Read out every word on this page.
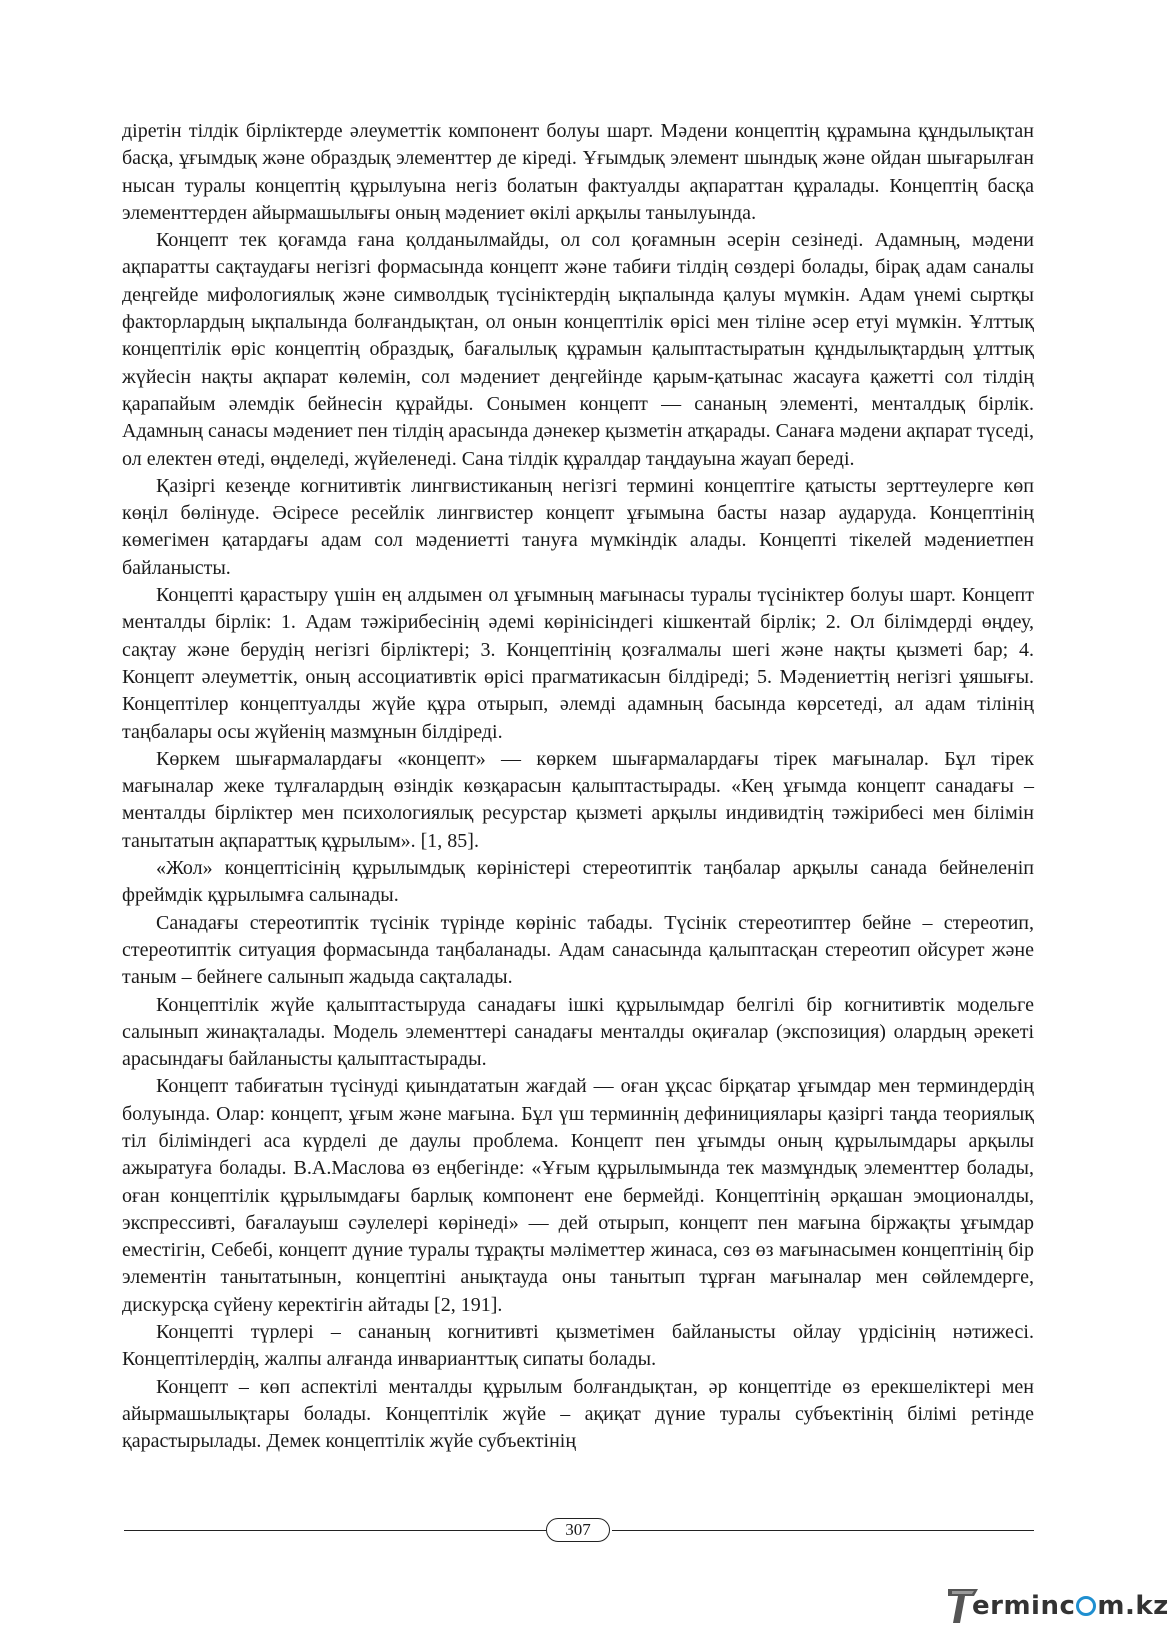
діретін тілдік бірліктерде әлеуметтік компонент болуы шарт. Мәдени концептің құрамына құндылықтан басқа, ұғымдық және образдық элементтер де кіреді. Ұғымдық элемент шындық және ойдан шығарылған нысан туралы концептің құрылуына негіз болатын фактуалды ақпараттан құралады. Концептің басқа элементтерден айырмашылығы оның мәдениет өкілі арқылы танылуында.

Концепт тек қоғамда ғана қолданылмайды, ол сол қоғамнын әсерін сезінеді. Адамның, мәдени ақпаратты сақтаудағы негізгі формасында концепт және табиғи тілдің сөздері болады, бірақ адам саналы деңгейде мифологиялық және символдық түсініктердің ықпалында қалуы мүмкін. Адам үнемі сыртқы факторлардың ықпалында болғандықтан, ол онын концептілік өрісі мен тіліне әсер етуі мүмкін. Ұлттық концептілік өріс концептің образдық, бағалылық құрамын қалыптастыратын құндылықтардың ұлттық жүйесін нақты ақпарат көлемін, сол мәдениет деңгейінде қарым-қатынас жасауға қажетті сол тілдің қарапайым әлемдік бейнесін құрайды. Сонымен концепт — сананың элементі, менталдық бірлік. Адамның санасы мәдениет пен тілдің арасында дәнекер қызметін атқарады. Санаға мәдени ақпарат түседі, ол електен өтеді, өңделеді, жүйеленеді. Сана тілдік құралдар таңдауына жауап береді.

Қазіргі кезеңде когнитивтік лингвистиканың негізгі термині концептіге қатысты зерттеулерге көп көңіл бөлінуде. Әсіресе ресейлік лингвистер концепт ұғымына басты назар аударуда. Концептінің көмегімен қатардағы адам сол мәдениетті тануға мүмкіндік алады. Концепті тікелей мәдениетпен байланысты.

Концепті қарастыру үшін ең алдымен ол ұғымның мағынасы туралы түсініктер болуы шарт. Концепт менталды бірлік: 1. Адам тәжірибесінің әдемі көрінісіндегі кішкентай бірлік; 2. Ол білімдерді өңдеу, сақтау және берудің негізгі бірліктері; 3. Концептінің қозғалмалы шегі және нақты қызметі бар; 4. Концепт әлеуметтік, оның ассоциативтік өрісі прагматикасын білдіреді; 5. Мәдениеттің негізгі ұяшығы. Концептілер концептуалды жүйе құра отырып, әлемді адамның басында көрсетеді, ал адам тілінің таңбалары осы жүйенің мазмұнын білдіреді.

Көркем шығармалардағы «концепт» — көркем шығармалардағы тірек мағыналар. Бұл тірек мағыналар жеке тұлғалардың өзіндік көзқарасын қалыптастырады. «Кең ұғымда концепт санадағы – менталды бірліктер мен психологиялық ресурстар қызметі арқылы индивидтің тәжірибесі мен білімін танытатын ақпараттық құрылым». [1, 85].

«Жол» концептісінің құрылымдық көріністері стереотиптік таңбалар арқылы санада бейнеленіп фреймдік құрылымға салынады.

Санадағы стереотиптік түсінік түрінде көрініс табады. Түсінік стереотиптер бейне – стереотип, стереотиптік ситуация формасында таңбаланады. Адам санасында қалыптасқан стереотип ойсурет және таным – бейнеге салынып жадыда сақталады.

Концептілік жүйе қалыптастыруда санадағы ішкі құрылымдар белгілі бір когнитивтік модельге салынып жинақталады. Модель элементтері санадағы менталды оқиғалар (экспозиция) олардың әрекеті арасындағы байланысты қалыптастырады.

Концепт табиғатын түсінуді қиындататын жағдай — оған ұқсас бірқатар ұғымдар мен терминдердің болуында. Олар: концепт, ұғым және мағына. Бұл үш терминнің дефинициялары қазіргі таңда теориялық тіл біліміндегі аса күрделі де даулы проблема. Концепт пен ұғымды оның құрылымдары арқылы ажыратуға болады. В.А.Маслова өз еңбегінде: «Ұғым құрылымында тек мазмұндық элементтер болады, оған концептілік құрылымдағы барлық компонент ене бермейді. Концептінің әрқашан эмоционалды, экспрессивті, бағалауыш сәулелері көрінеді» — дей отырып, концепт пен мағына біржақты ұғымдар еместігін, Себебі, концепт дүние туралы тұрақты мәліметтер жинаса, сөз өз мағынасымен концептінің бір элементін танытатынын, концептіні анықтауда оны танытып тұрған мағыналар мен сөйлемдерге, дискурсқа сүйену керектігін айтады [2, 191].

Концепті түрлері – сананың когнитивті қызметімен байланысты ойлау үрдісінің нәтижесі. Концептілердің, жалпы алғанда инварианттық сипаты болады.

Концепт – көп аспектілі менталды құрылым болғандықтан, әр концептіде өз ерекшеліктері мен айырмашылықтары болады. Концептілік жүйе – ақиқат дүние туралы субъектінің білімі ретінде қарастырылады. Демек концептілік жүйе субъектінің

307
erminc m.kz
